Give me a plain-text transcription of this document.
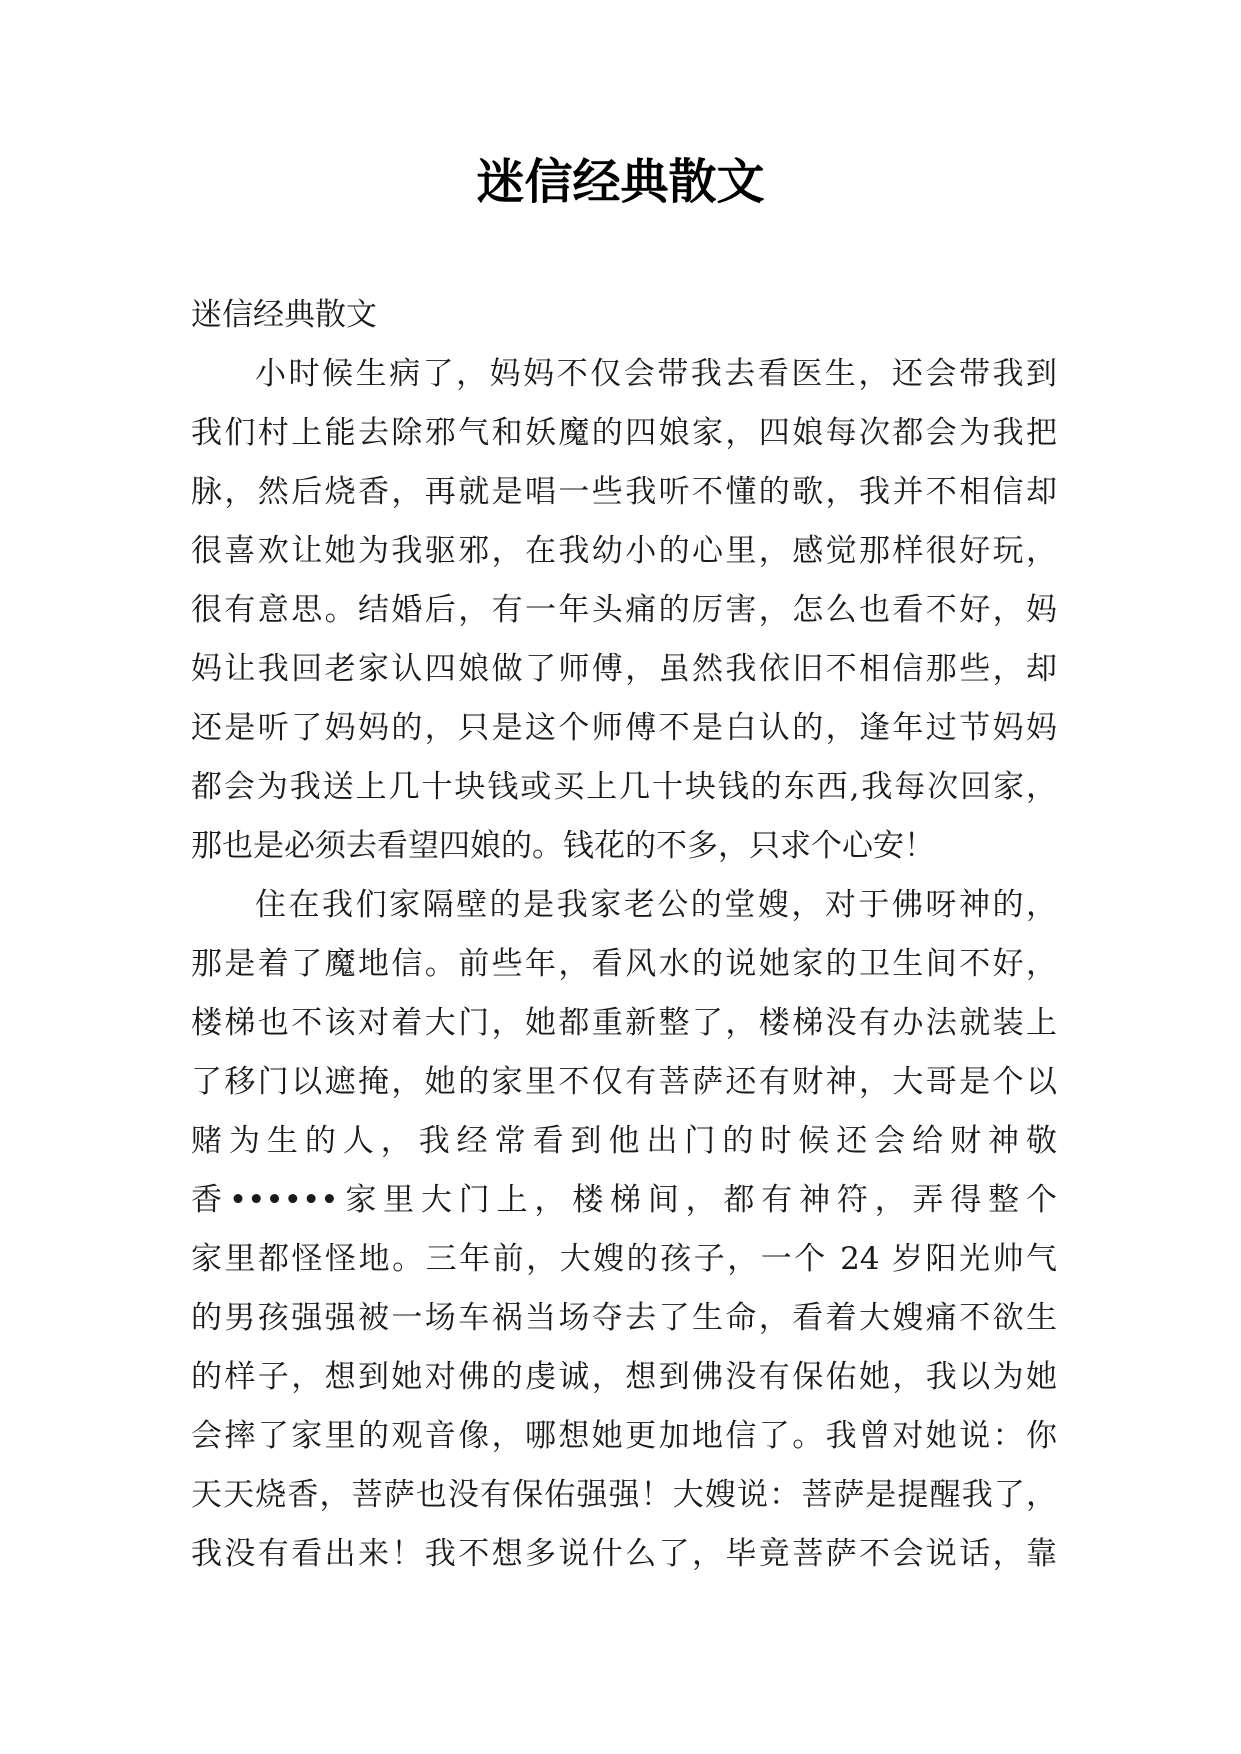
迷信经典散文
迷信经典散文
小时候生病了，妈妈不仅会带我去看医生，还会带我到
我们村上能去除邪气和妖魔的四娘家，四娘每次都会为我把
脉，然后烧香，再就是唱一些我听不懂的歌，我并不相信却
很喜欢让她为我驱邪，在我幼小的心里，感觉那样很好玩，
很有意思。结婚后，有一年头痛的厉害，怎么也看不好，妈
妈让我回老家认四娘做了师傅，虽然我依旧不相信那些，却
还是听了妈妈的，只是这个师傅不是白认的，逢年过节妈妈
都会为我送上几十块钱或买上几十块钱的东西,我每次回家，
那也是必须去看望四娘的。钱花的不多，只求个心安！
住在我们家隔壁的是我家老公的堂嫂，对于佛呀神的，
那是着了魔地信。前些年，看风水的说她家的卫生间不好，
楼梯也不该对着大门，她都重新整了，楼梯没有办法就装上
了移门以遮掩，她的家里不仅有菩萨还有财神，大哥是个以
赌为生的人，我经常看到他出门的时候还会给财神敬
香••••••家里大门上，楼梯间，都有神符，弄得整个
家里都怪怪地。三年前，大嫂的孩子，一个 24 岁阳光帅气
的男孩强强被一场车祸当场夺去了生命，看着大嫂痛不欲生
的样子，想到她对佛的虔诚，想到佛没有保佑她，我以为她
会摔了家里的观音像，哪想她更加地信了。我曾对她说：你
天天烧香，菩萨也没有保佑强强！大嫂说：菩萨是提醒我了，
我没有看出来！我不想多说什么了，毕竟菩萨不会说话，靠
